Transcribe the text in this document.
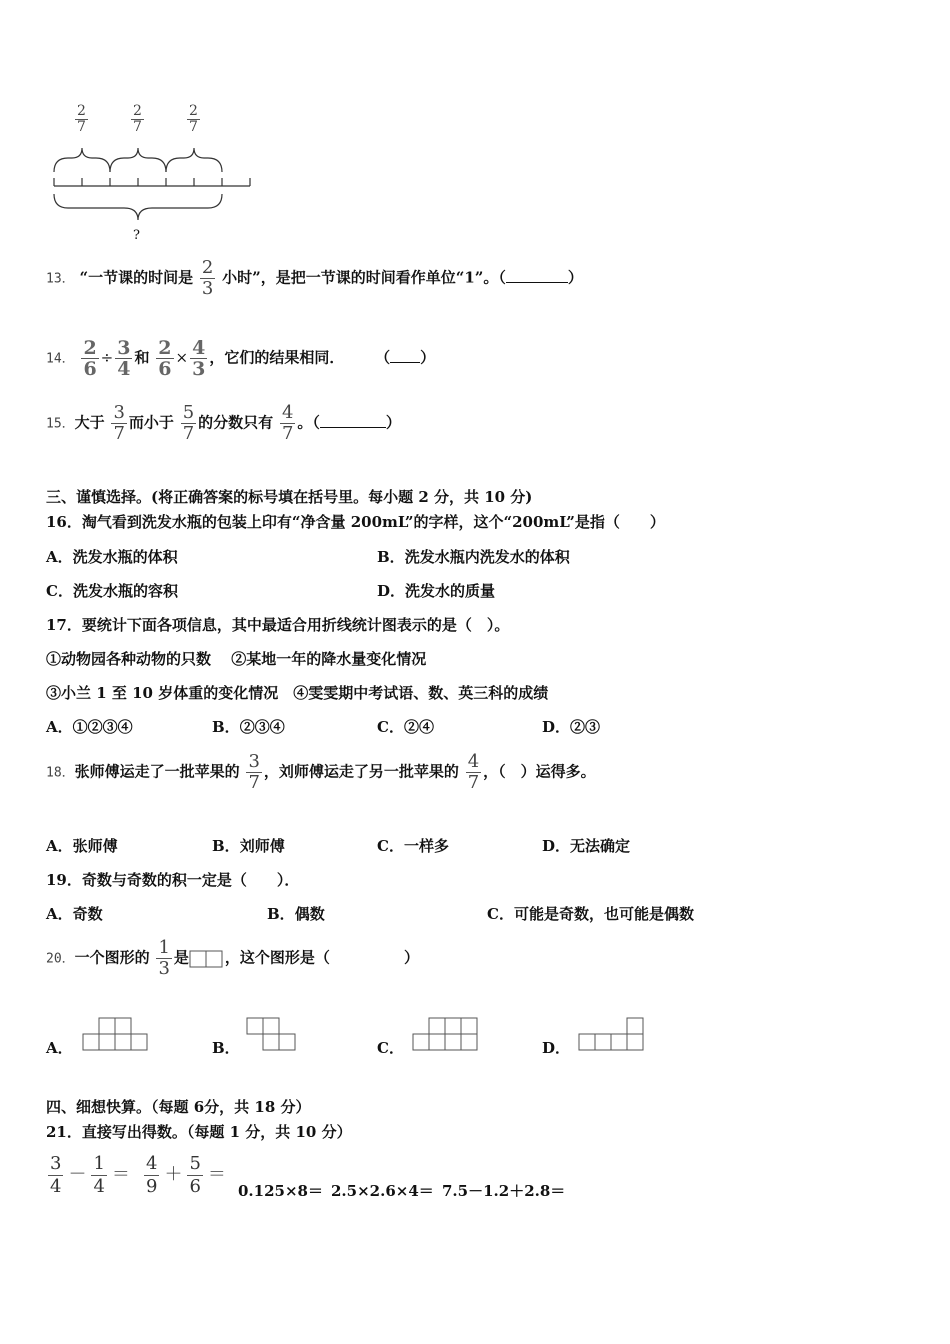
2
7
2
7
2
7
?
13． “一节课的时间是 $\frac{2}{3}$ 小时”，是把一节课的时间看作单位“1”。（	）
14． $\frac{2}{6} \div \frac{3}{4}$ 和 $\frac{2}{6} \times \frac{4}{3}$ ，它们的结果相同． （ ）
15．大于 $\frac{3}{7}$ 而小于 $\frac{5}{7}$ 的分数只有 $\frac{4}{7}$ 。（	）
三、谨慎选择。(将正确答案的标号填在括号里。每小题 2 分，共 10 分)
16．淘气看到洗发水瓶的包装上印有“净含量 200mL”的字样，这个“200mL”是指（　　）
A．洗发水瓶的体积	B．洗发水瓶内洗发水的体积
C．洗发水瓶的容积	D．洗发水的质量
17．要统计下面各项信息，其中最适合用折线统计图表示的是（　）。
①动物园各种动物的只数　 ②某地一年的降水量变化情况
③小兰 1 至 10 岁体重的变化情况　④雯雯期中考试语、数、英三科的成绩
A．①②③④	B．②③④	C．②④	D．②③
18．张师傅运走了一批苹果的 $\frac{3}{7}$ ，刘师傅运走了另一批苹果的 $\frac{4}{7}$ ，（　）运得多。
A．张师傅	B．刘师傅	C．一样多	D．无法确定
19．奇数与奇数的积一定是（　　）．
A．奇数	B．偶数	C．可能是奇数，也可能是偶数
20．一个图形的 $\frac{1}{3}$ 是 ，这个图形是（	）
A．	B．	C．	D．
四、细想快算。（每题 6分，共 18 分）
21．直接写出得数。（每题 1 分，共 10 分）
$\frac{3}{4} - \frac{1}{4} = \frac{4}{9} + \frac{5}{6}$ ＝
0.125×8＝ 2.5×2.6×4＝ 7.5－1.2＋2.8＝
